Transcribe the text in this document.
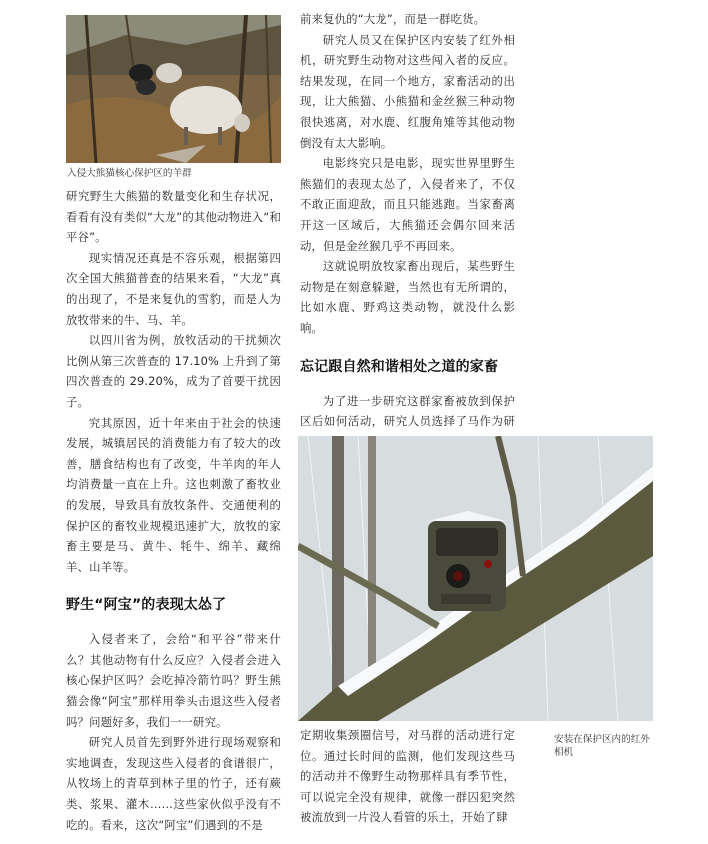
入侵大熊猫核心保护区的羊群

研究野生大熊猫的数量变化和生存状况，看看有没有类似“大龙”的其他动物进入“和平谷”。

现实情况还真是不容乐观，根据第四次全国大熊猫普查的结果来看，“大龙”真的出现了，不是来复仇的雪豹，而是人为放牧带来的牛、马、羊。

以四川省为例，放牧活动的干扰频次比例从第三次普查的 17.10% 上升到了第四次普查的 29.20%，成为了首要干扰因子。

究其原因，近十年来由于社会的快速发展，城镇居民的消费能力有了较大的改善，膳食结构也有了改变，牛羊肉的年人均消费量一直在上升。这也刺激了畜牧业的发展，导致具有放牧条件、交通便利的保护区的畜牧业规模迅速扩大，放牧的家畜主要是马、黄牛、牦牛、绵羊、藏绵羊、山羊等。

野生“阿宝”的表现太怂了

入侵者来了，会给“和平谷”带来什么？其他动物有什么反应？入侵者会进入核心保护区吗？会吃掉冷箭竹吗？野生熊猫会像“阿宝”那样用拳头击退这些入侵者吗？问题好多，我们一一研究。

研究人员首先到野外进行现场观察和实地调查，发现这些入侵者的食谱很广，从牧场上的青草到林子里的竹子，还有蕨类、浆果、灌木……这些家伙似乎没有不吃的。看来，这次“阿宝”们遇到的不是

前来复仇的“大龙”，而是一群吃货。

研究人员又在保护区内安装了红外相机，研究野生动物对这些闯入者的反应。结果发现，在同一个地方，家畜活动的出现，让大熊猫、小熊猫和金丝猴三种动物很快逃离，对水鹿、红腹角雉等其他动物倒没有太大影响。

电影终究只是电影，现实世界里野生熊猫们的表现太怂了，入侵者来了，不仅不敢正面迎敌，而且只能逃跑。当家畜离开这一区域后，大熊猫还会偶尔回来活动，但是金丝猴几乎不再回来。

这就说明放牧家畜出现后，某些野生动物是在刻意躲避，当然也有无所谓的，比如水鹿、野鸡这类动物，就没什么影响。

忘记跟自然和谐相处之道的家畜

为了进一步研究这群家畜被放到保护区后如何活动，研究人员选择了马作为研

安装在保护区内的红外相机

定期收集颈圈信号，对马群的活动进行定位。通过长时间的监测，他们发现这些马的活动并不像野生动物那样具有季节性，可以说完全没有规律，就像一群囚犯突然被流放到一片没人看管的乐土，开始了肆
